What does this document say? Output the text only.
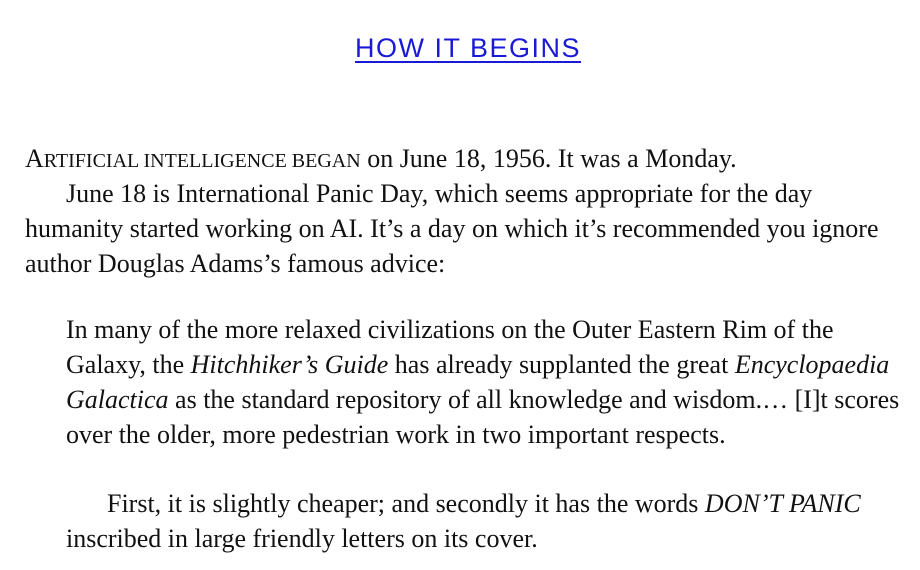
HOW IT BEGINS

ARTIFICIAL INTELLIGENCE BEGAN on June 18, 1956. It was a Monday.

June 18 is International Panic Day, which seems appropriate for the day humanity started working on AI. It’s a day on which it’s recommended you ignore author Douglas Adams’s famous advice:

In many of the more relaxed civilizations on the Outer Eastern Rim of the Galaxy, the Hitchhiker’s Guide has already supplanted the great Encyclopaedia Galactica as the standard repository of all knowledge and wisdom.… [I]t scores over the older, more pedestrian work in two important respects.

First, it is slightly cheaper; and secondly it has the words DON’T PANIC inscribed in large friendly letters on its cover.
